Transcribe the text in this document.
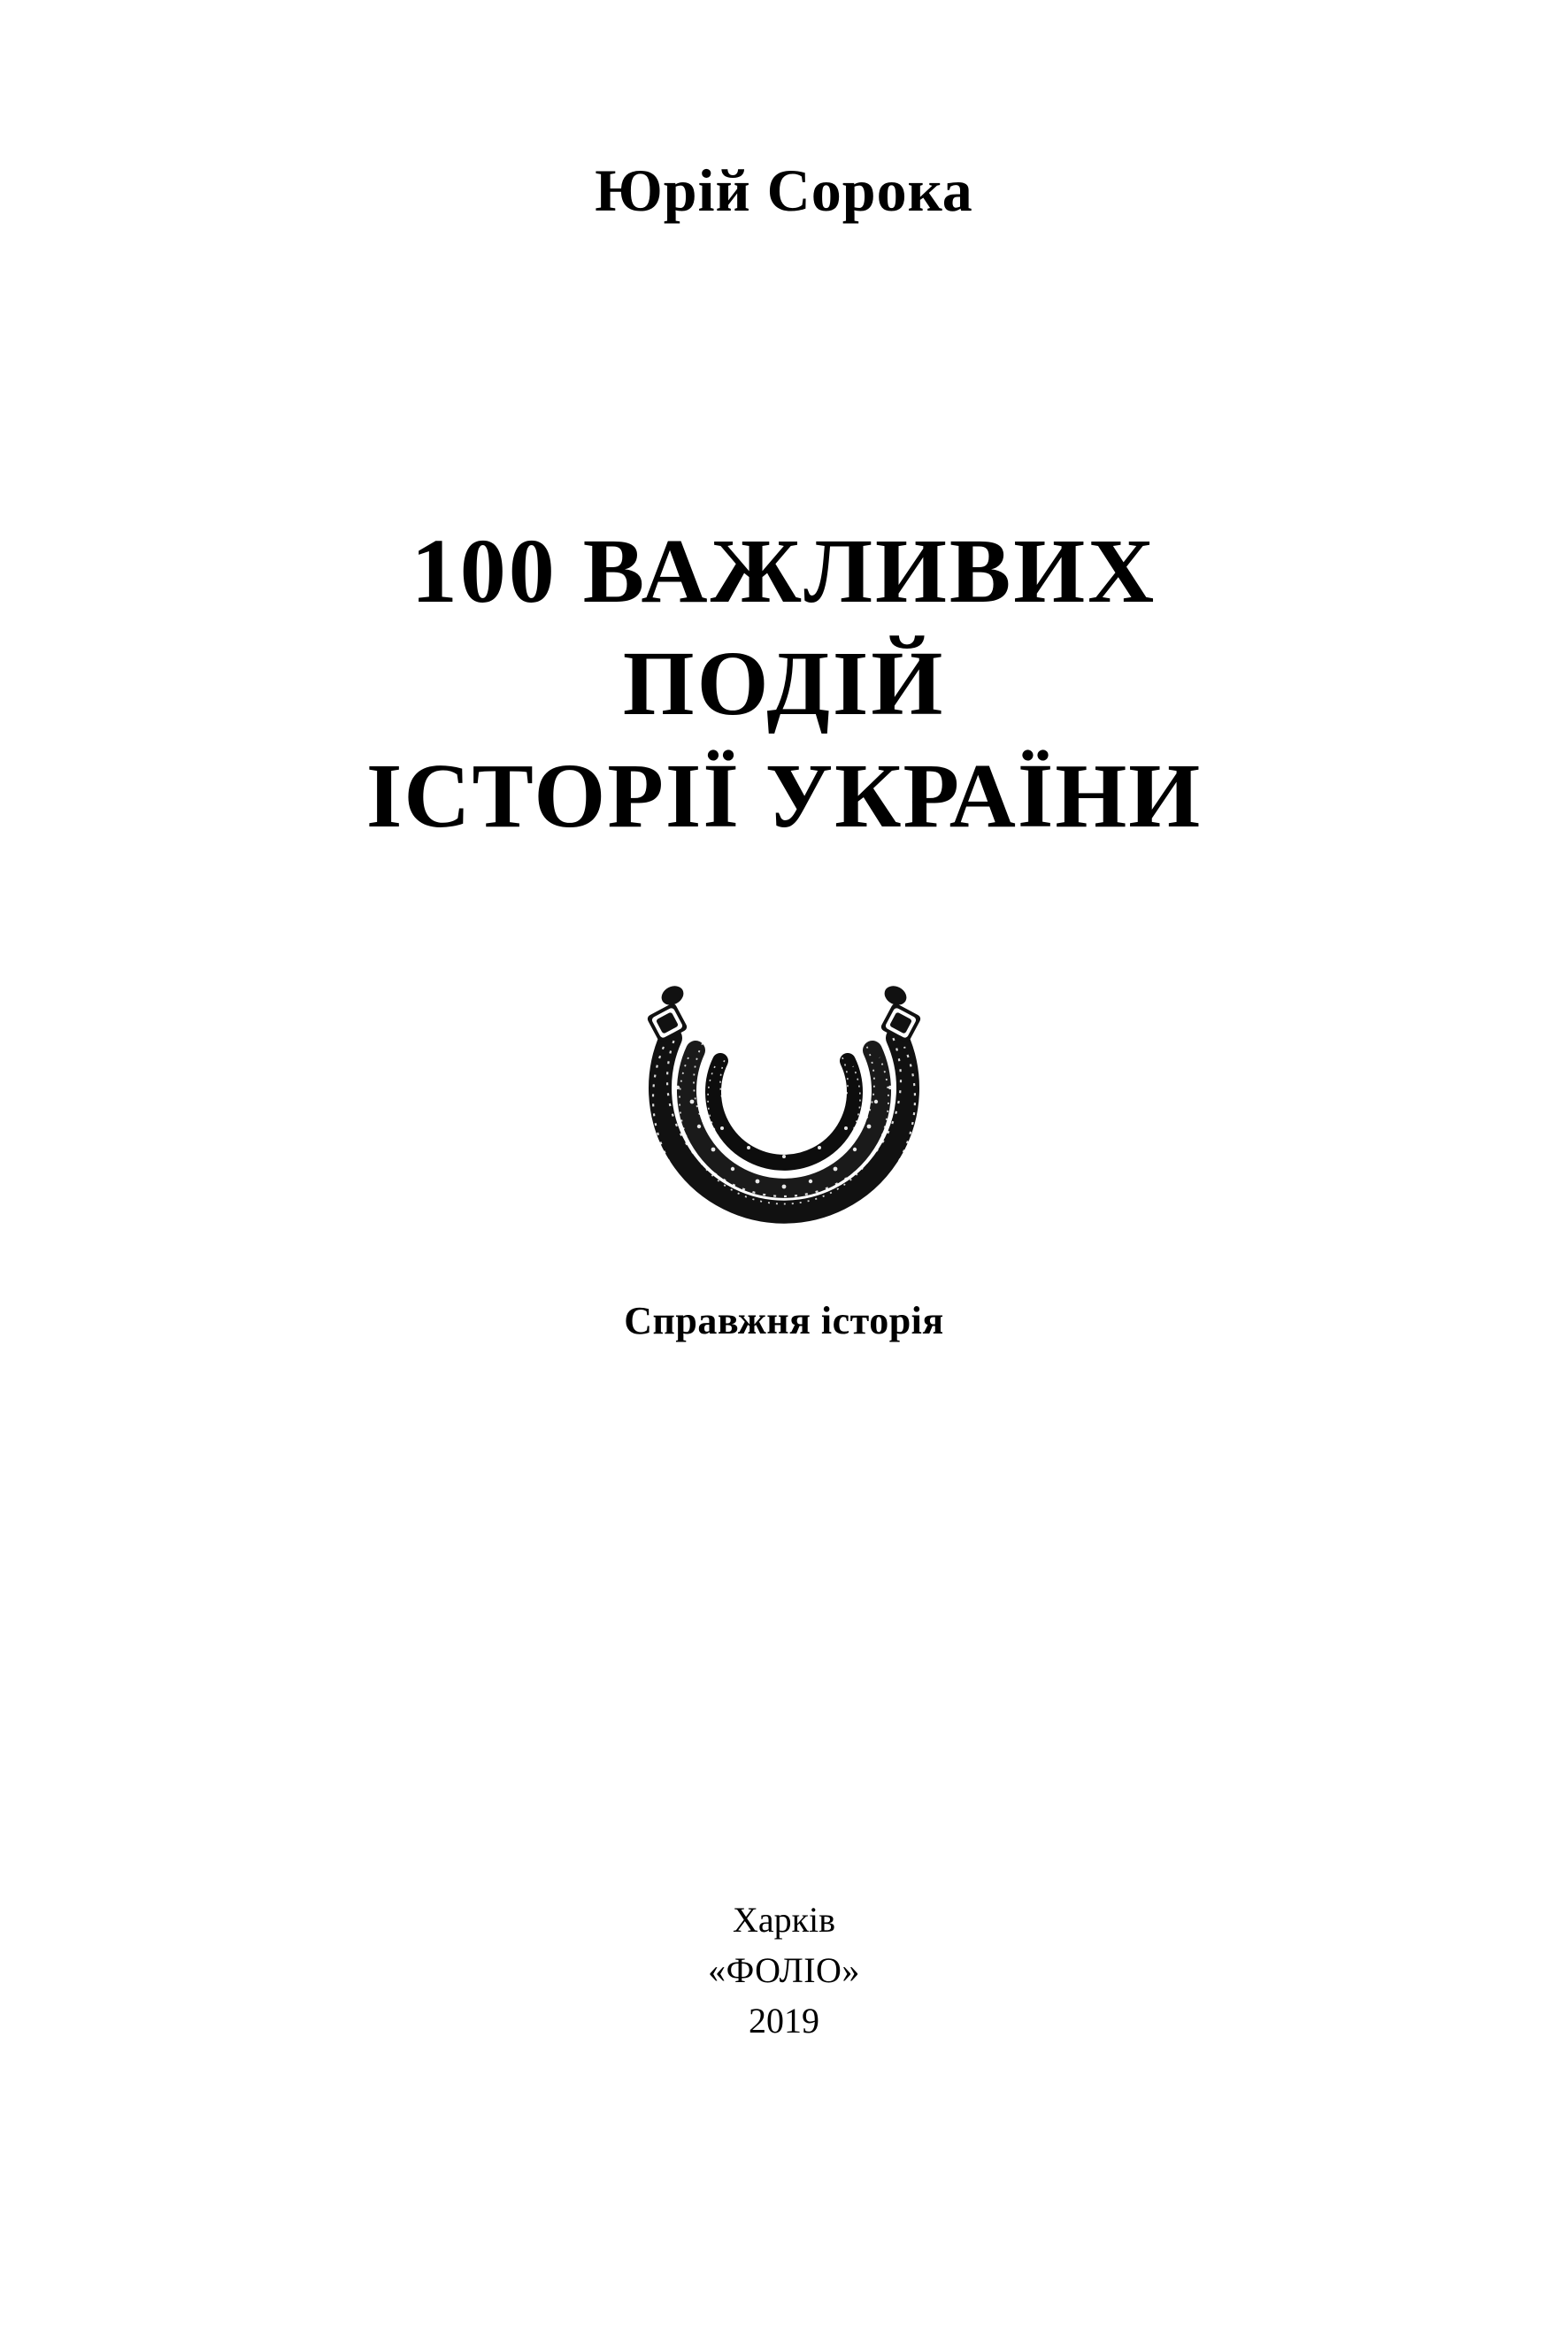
Юрій Сорока
100 ВАЖЛИВИХ
ПОДІЙ
ІСТОРІЇ УКРАЇНИ
Справжня історія
Харків
«ФОЛІО»
2019
